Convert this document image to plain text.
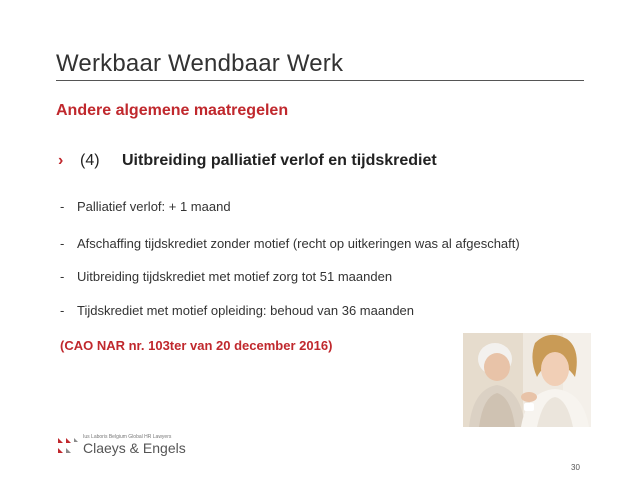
Werkbaar Wendbaar Werk
Andere algemene maatregelen
› (4) Uitbreiding palliatief verlof en tijdskrediet
- Palliatief verlof: + 1 maand
- Afschaffing tijdskrediet zonder motief (recht op uitkeringen was al afgeschaft)
- Uitbreiding tijdskrediet met motief zorg tot 51 maanden
- Tijdskrediet met motief opleiding: behoud van 36 maanden
(CAO NAR nr. 103ter van 20 december 2016)
Ius Laboris Belgium Global HR Lawyers
Claeys & Engels
30
